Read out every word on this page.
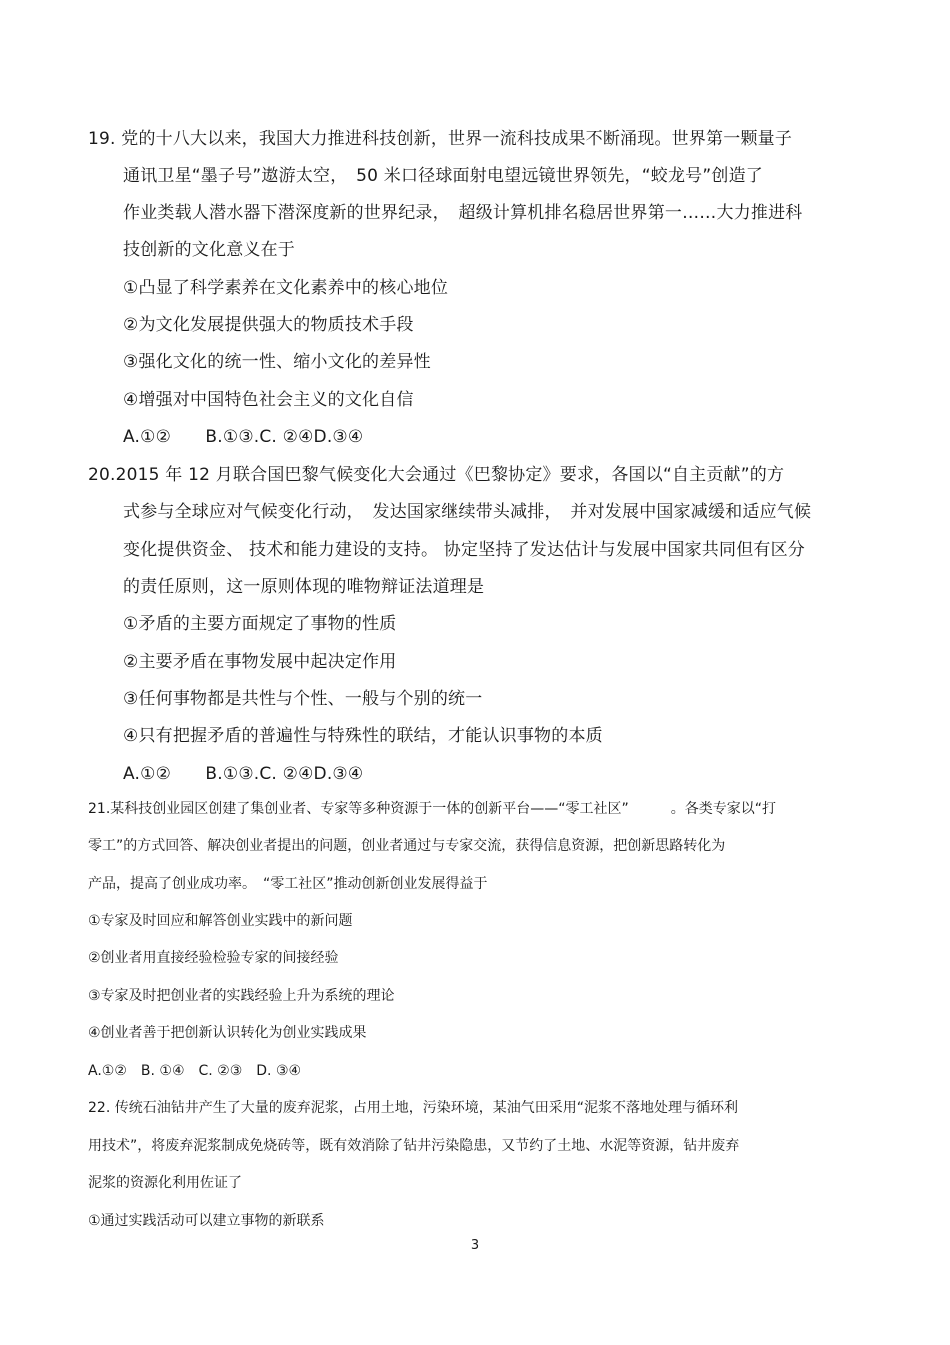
19. 党的十八大以来，我国大力推进科技创新，世界一流科技成果不断涌现。世界第一颗量子

通讯卫星“墨子号”遨游太空，　50 米口径球面射电望远镜世界领先，“蛟龙号”创造了

作业类载人潜水器下潜深度新的世界纪录，　超级计算机排名稳居世界第一……大力推进科

技创新的文化意义在于

①凸显了科学素养在文化素养中的核心地位

②为文化发展提供强大的物质技术手段

③强化文化的统一性、缩小文化的差异性

④增强对中国特色社会主义的文化自信

A.①②　　B.①③.C. ②④D.③④

20.2015 年 12 月联合国巴黎气候变化大会通过《巴黎协定》要求，各国以“自主贡献”的方

式参与全球应对气候变化行动，　发达国家继续带头减排，　并对发展中国家减缓和适应气候

变化提供资金、 技术和能力建设的支持。 协定坚持了发达估计与发展中国家共同但有区分

的责任原则，这一原则体现的唯物辩证法道理是

①矛盾的主要方面规定了事物的性质

②主要矛盾在事物发展中起决定作用

③任何事物都是共性与个性、一般与个别的统一

④只有把握矛盾的普遍性与特殊性的联结，才能认识事物的本质

A.①②　　B.①③.C. ②④D.③④

21.某科技创业园区创建了集创业者、专家等多种资源于一体的创新平台——“零工社区”　　　。各类专家以“打

零工”的方式回答、解决创业者提出的问题，创业者通过与专家交流，获得信息资源，把创新思路转化为

产品，提高了创业成功率。　“零工社区”推动创新创业发展得益于

①专家及时回应和解答创业实践中的新问题

②创业者用直接经验检验专家的间接经验

③专家及时把创业者的实践经验上升为系统的理论

④创业者善于把创新认识转化为创业实践成果

A.①②　B. ①④　C. ②③　D. ③④

22. 传统石油钻井产生了大量的废弃泥浆，占用土地，污染环境，某油气田采用“泥浆不落地处理与循环利

用技术”，将废弃泥浆制成免烧砖等，既有效消除了钻井污染隐患，又节约了土地、水泥等资源，钻井废弃

泥浆的资源化利用佐证了

①通过实践活动可以建立事物的新联系

3
